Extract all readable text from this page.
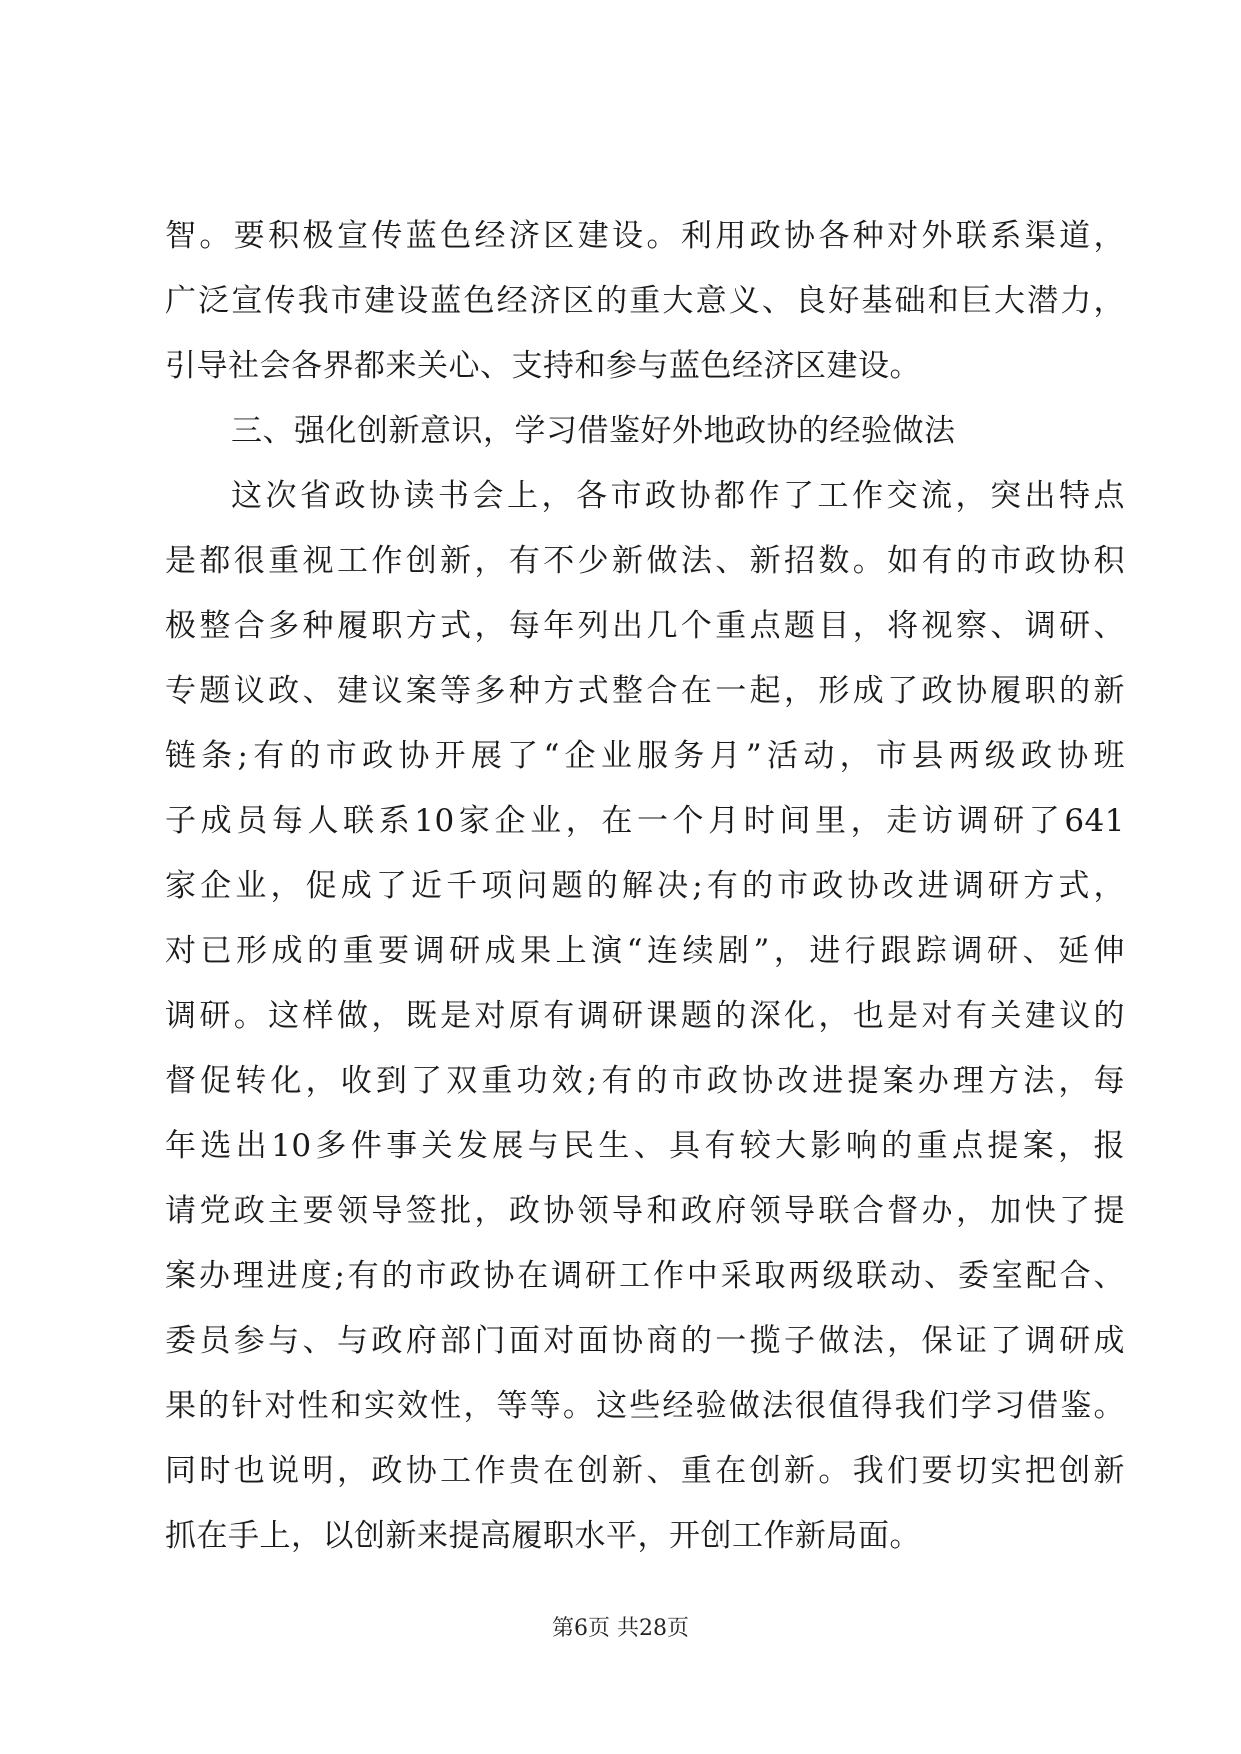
智。要积极宣传蓝色经济区建设。利用政协各种对外联系渠道，
广泛宣传我市建设蓝色经济区的重大意义、良好基础和巨大潜力，
引导社会各界都来关心、支持和参与蓝色经济区建设。
三、强化创新意识，学习借鉴好外地政协的经验做法
这次省政协读书会上，各市政协都作了工作交流，突出特点
是都很重视工作创新，有不少新做法、新招数。如有的市政协积
极整合多种履职方式，每年列出几个重点题目，将视察、调研、
专题议政、建议案等多种方式整合在一起，形成了政协履职的新
链条;有的市政协开展了“企业服务月”活动，市县两级政协班
子成员每人联系10家企业，在一个月时间里，走访调研了641
家企业，促成了近千项问题的解决;有的市政协改进调研方式，
对已形成的重要调研成果上演“连续剧”，进行跟踪调研、延伸
调研。这样做，既是对原有调研课题的深化，也是对有关建议的
督促转化，收到了双重功效;有的市政协改进提案办理方法，每
年选出10多件事关发展与民生、具有较大影响的重点提案，报
请党政主要领导签批，政协领导和政府领导联合督办，加快了提
案办理进度;有的市政协在调研工作中采取两级联动、委室配合、
委员参与、与政府部门面对面协商的一揽子做法，保证了调研成
果的针对性和实效性，等等。这些经验做法很值得我们学习借鉴。
同时也说明，政协工作贵在创新、重在创新。我们要切实把创新
抓在手上，以创新来提高履职水平，开创工作新局面。
第6页 共28页
